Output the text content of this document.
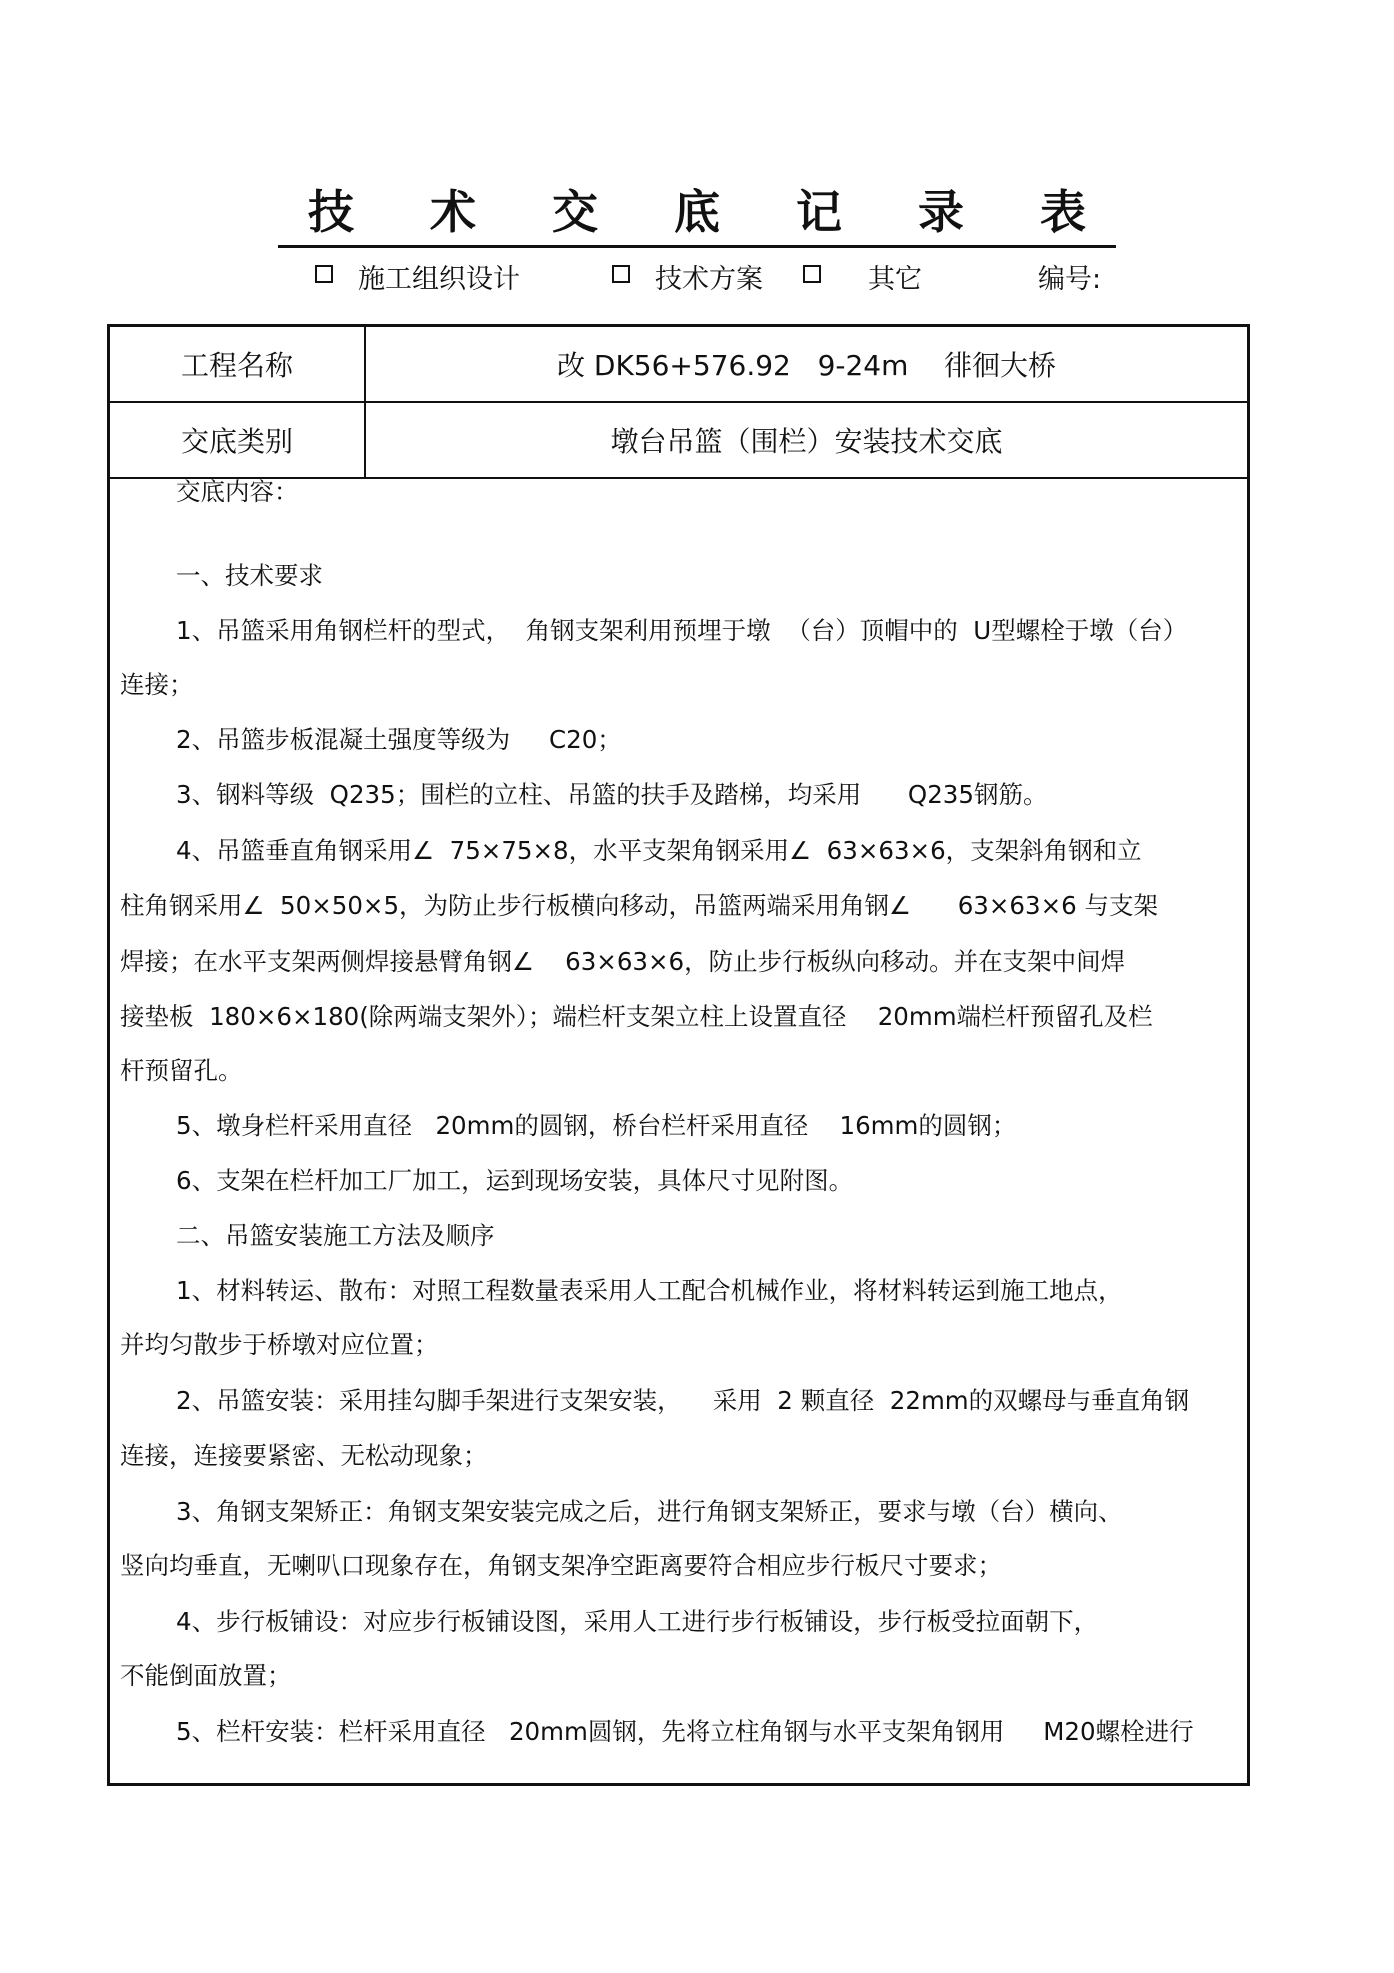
技 术 交 底 记 录 表
施工组织设计	技术方案	其它	编号:
工程名称	改 DK56+576.92   9-24m    徘徊大桥
交底类别	墩台吊篮（围栏）安装技术交底
交底内容：
一、技术要求
1、吊篮采用角钢栏杆的型式，  角钢支架利用预埋于墩  （台）顶帽中的  U型螺栓于墩（台）
连接；
2、吊篮步板混凝土强度等级为     C20；
3、钢料等级  Q235；围栏的立柱、吊篮的扶手及踏梯，均采用      Q235钢筋。
4、吊篮垂直角钢采用∠  75×75×8，水平支架角钢采用∠  63×63×6，支架斜角钢和立
柱角钢采用∠  50×50×5，为防止步行板横向移动，吊篮两端采用角钢∠      63×63×6 与支架
焊接；在水平支架两侧焊接悬臂角钢∠    63×63×6，防止步行板纵向移动。并在支架中间焊
接垫板  180×6×180(除两端支架外）；端栏杆支架立柱上设置直径    20mm端栏杆预留孔及栏
杆预留孔。
5、墩身栏杆采用直径   20mm的圆钢，桥台栏杆采用直径    16mm的圆钢；
6、支架在栏杆加工厂加工，运到现场安装，具体尺寸见附图。
二、吊篮安装施工方法及顺序
1、材料转运、散布：对照工程数量表采用人工配合机械作业，将材料转运到施工地点，
并均匀散步于桥墩对应位置；
2、吊篮安装：采用挂勾脚手架进行支架安装，    采用  2 颗直径  22mm的双螺母与垂直角钢
连接，连接要紧密、无松动现象；
3、角钢支架矫正：角钢支架安装完成之后，进行角钢支架矫正，要求与墩（台）横向、
竖向均垂直，无喇叭口现象存在，角钢支架净空距离要符合相应步行板尺寸要求；
4、步行板铺设：对应步行板铺设图，采用人工进行步行板铺设，步行板受拉面朝下，
不能倒面放置；
5、栏杆安装：栏杆采用直径   20mm圆钢，先将立柱角钢与水平支架角钢用     M20螺栓进行
